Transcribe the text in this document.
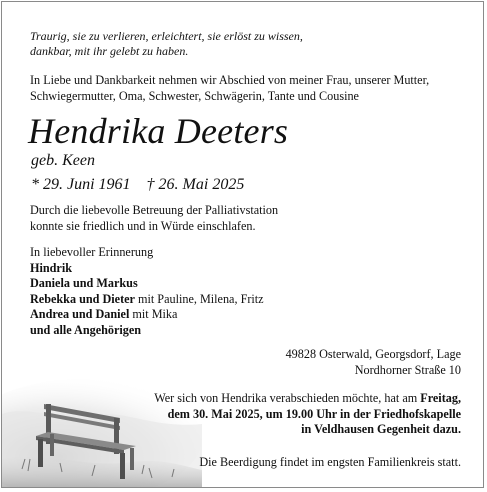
Traurig, sie zu verlieren, erleichtert, sie erlöst zu wissen,
dankbar, mit ihr gelebt zu haben.
In Liebe und Dankbarkeit nehmen wir Abschied von meiner Frau, unserer Mutter,
Schwiegermutter, Oma, Schwester, Schwägerin, Tante und Cousine
Hendrika Deeters
geb. Keen
* 29. Juni 1961 † 26. Mai 2025
Durch die liebevolle Betreuung der Palliativstation
konnte sie friedlich und in Würde einschlafen.
In liebevoller Erinnerung
Hindrik
Daniela und Markus
Rebekka und Dieter mit Pauline, Milena, Fritz
Andrea und Daniel mit Mika
und alle Angehörigen
49828 Osterwald, Georgsdorf, Lage
Nordhorner Straße 10
Wer sich von Hendrika verabschieden möchte, hat am Freitag,
dem 30. Mai 2025, um 19.00 Uhr in der Friedhofskapelle
in Veldhausen Gegenheit dazu.
Die Beerdigung findet im engsten Familienkreis statt.
